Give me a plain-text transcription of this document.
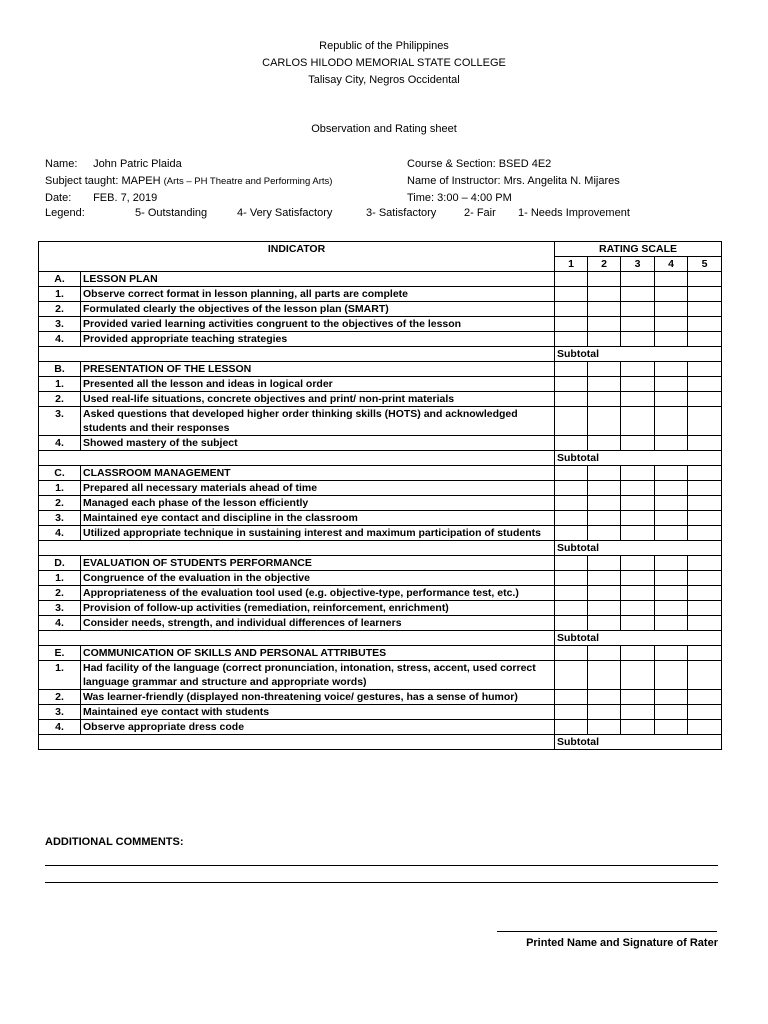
Republic of the Philippines
CARLOS HILODO MEMORIAL STATE COLLEGE
Talisay City, Negros Occidental
Observation and Rating sheet
Name: John Patric Plaida
Subject taught: MAPEH (Arts – PH Theatre and Performing Arts)
Date: FEB. 7, 2019
Course & Section: BSED 4E2
Name of Instructor: Mrs. Angelita N. Mijares
Time: 3:00 – 4:00 PM
Legend:	5- Outstanding	4- Very Satisfactory	3- Satisfactory	2- Fair 1- Needs Improvement
INDICATOR		RATING SCALE				
		1	2	3	4	5
A.	LESSON PLAN					
1.	Observe correct format in lesson planning, all parts are complete					
2.	Formulated clearly the objectives of the lesson plan (SMART)					
3.	Provided varied learning activities congruent to the objectives of the lesson					
4.	Provided appropriate teaching strategies					
		Subtotal				
B.	PRESENTATION OF THE LESSON					
1.	Presented all the lesson and ideas in logical order					
2.	Used real-life situations, concrete objectives and print/ non-print materials					
3.	Asked questions that developed higher order thinking skills (HOTS) and acknowledged students and their responses					
4.	Showed mastery of the subject					
		Subtotal				
C.	CLASSROOM MANAGEMENT					
1.	Prepared all necessary materials ahead of time					
2.	Managed each phase of the lesson efficiently					
3.	Maintained eye contact and discipline in the classroom					
4.	Utilized appropriate technique in sustaining interest and maximum participation of students					
		Subtotal				
D.	EVALUATION OF STUDENTS PERFORMANCE					
1.	Congruence of the evaluation in the objective					
2.	Appropriateness of the evaluation tool used (e.g. objective-type, performance test, etc.)					
3.	Provision of follow-up activities (remediation, reinforcement, enrichment)					
4.	Consider needs, strength, and individual differences of learners					
		Subtotal				
E.	COMMUNICATION OF SKILLS AND PERSONAL ATTRIBUTES					
1.	Had facility of the language (correct pronunciation, intonation, stress, accent, used correct language grammar and structure and appropriate words)					
2.	Was learner-friendly (displayed non-threatening voice/ gestures, has a sense of humor)					
3.	Maintained eye contact with students					
4.	Observe appropriate dress code					
		Subtotal				
ADDITIONAL COMMENTS:
Printed Name and Signature of Rater
